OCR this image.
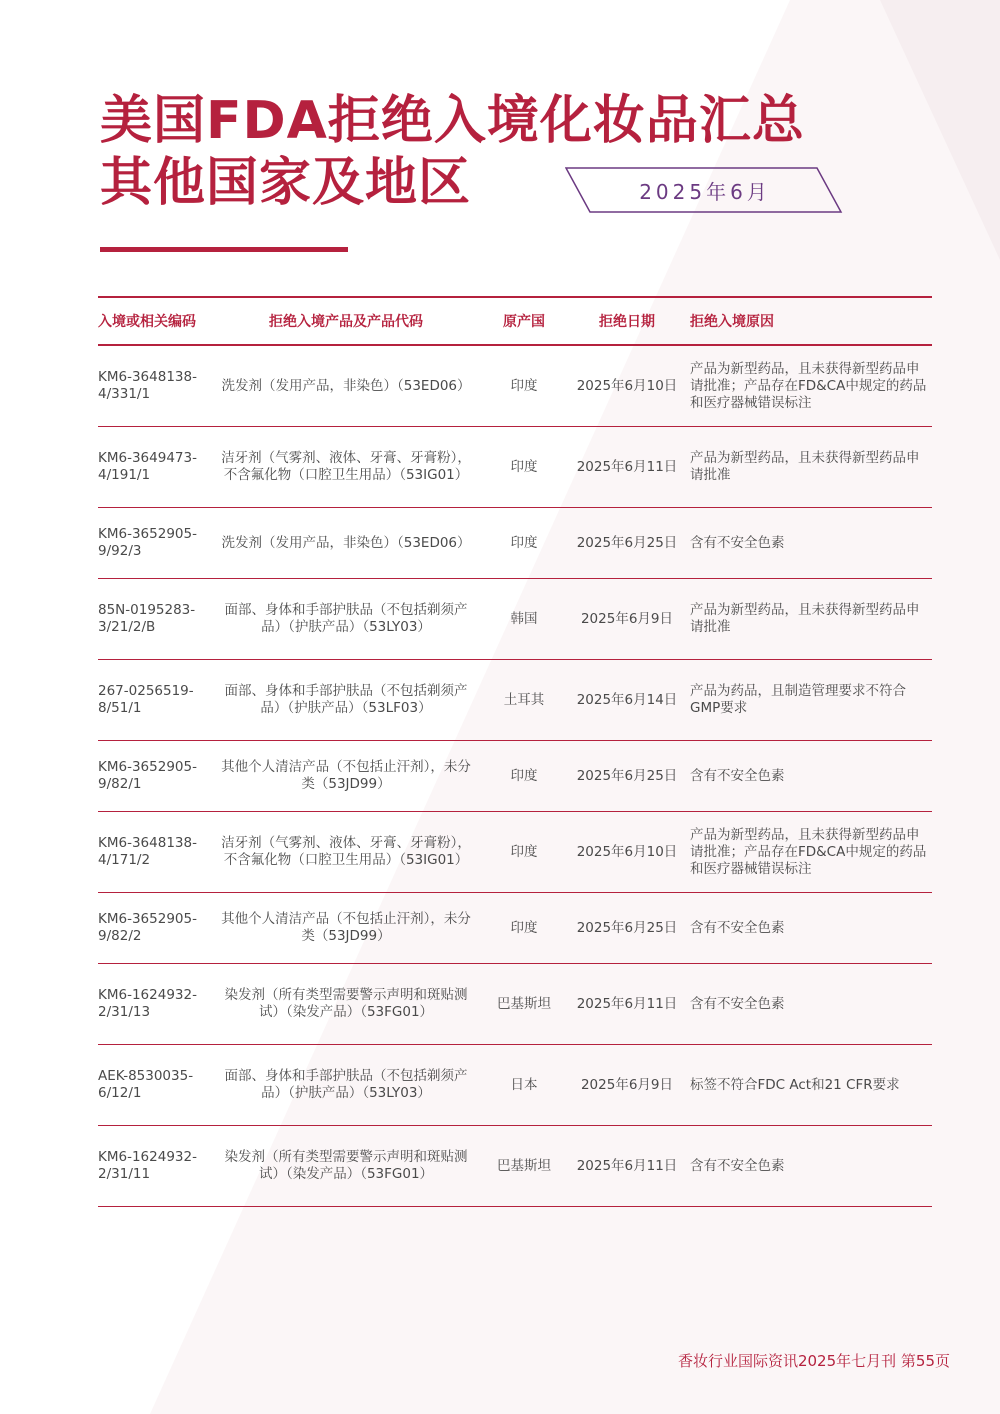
美国FDA拒绝入境化妆品汇总
其他国家及地区	2025年6月
入境或相关编码	拒绝入境产品及产品代码	原产国	拒绝日期	拒绝入境原因
KM6-3648138-4/331/1	洗发剂（发用产品，非染色）（53ED06）	印度	2025年6月10日	产品为新型药品，且未获得新型药品申请批准；产品存在FD&CA中规定的药品和医疗器械错误标注
KM6-3649473-4/191/1	洁牙剂（气雾剂、液体、牙膏、牙膏粉），不含氟化物（口腔卫生用品）（53IG01）	印度	2025年6月11日	产品为新型药品，且未获得新型药品申请批准
KM6-3652905-9/92/3	洗发剂（发用产品，非染色）（53ED06）	印度	2025年6月25日	含有不安全色素
85N-0195283-3/21/2/B	面部、身体和手部护肤品（不包括剃须产品）（护肤产品）（53LY03）	韩国	2025年6月9日	产品为新型药品，且未获得新型药品申请批准
267-0256519-8/51/1	面部、身体和手部护肤品（不包括剃须产品）（护肤产品）（53LF03）	土耳其	2025年6月14日	产品为药品，且制造管理要求不符合GMP要求
KM6-3652905-9/82/1	其他个人清洁产品（不包括止汗剂），未分类（53JD99）	印度	2025年6月25日	含有不安全色素
KM6-3648138-4/171/2	洁牙剂（气雾剂、液体、牙膏、牙膏粉），不含氟化物（口腔卫生用品）（53IG01）	印度	2025年6月10日	产品为新型药品，且未获得新型药品申请批准；产品存在FD&CA中规定的药品和医疗器械错误标注
KM6-3652905-9/82/2	其他个人清洁产品（不包括止汗剂），未分类（53JD99）	印度	2025年6月25日	含有不安全色素
KM6-1624932-2/31/13	染发剂（所有类型需要警示声明和斑贴测试）（染发产品）（53FG01）	巴基斯坦	2025年6月11日	含有不安全色素
AEK-8530035-6/12/1	面部、身体和手部护肤品（不包括剃须产品）（护肤产品）（53LY03）	日本	2025年6月9日	标签不符合FDC Act和21 CFR要求
KM6-1624932-2/31/11	染发剂（所有类型需要警示声明和斑贴测试）（染发产品）（53FG01）	巴基斯坦	2025年6月11日	含有不安全色素
香妆行业国际资讯2025年七月刊 第55页
